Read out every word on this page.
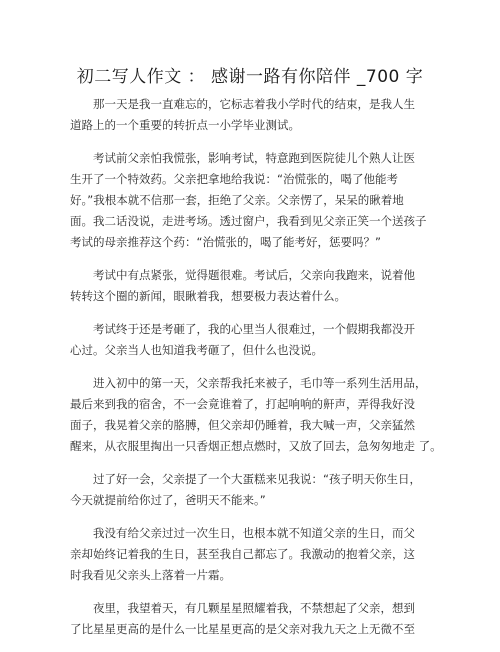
初二写人作文 ： 感谢一路有你陪伴 _700 字

那一天是我一直难忘的，它标志着我小学时代的结束，是我人生
道路上的一个重要的转折点一小学毕业测试。

考试前父亲怕我慌张，影响考试，特意跑到医院徒儿个熟人让医
生开了一个特效药。父亲把拿地给我说：“治慌张的，喝了他能考
好。”我根本就不信那一套，拒绝了父亲。父亲愣了，呆呆的瞅着地
面。我二话没说，走进考场。透过窗户，我看到见父亲正笑一个送孩子
考试的母亲推荐这个药：“治慌张的，喝了能考好，惩要吗？”

考试中有点紧张，觉得题很难。考试后，父亲向我跑来，说着他
转转这个圈的新闻，眼瞅着我，想要极力表达着什么。

考试终于还是考砸了，我的心里当人很难过，一个假期我都没开
心过。父亲当人也知道我考砸了，但什么也没说。

进入初中的第一天，父亲帮我托来被子，毛巾等一系列生活用品，
最后来到我的宿舍，不一会竟谁着了，打起响响的鼾声，弄得我好没
面子，我晃着父亲的胳膊，但父亲却仍睡着，我大喊一声，父亲猛然
醒来，从衣服里掏出一只香烟正想点燃时，又放了回去，急匆匆地走 了。

过了好一会，父亲提了一个大蛋糕来见我说：“孩子明天你生日，
今天就提前给你过了，爸明天不能来。”

我没有给父亲过过一次生日，也根本就不知道父亲的生日，而父
亲却始终记着我的生日，甚至我自己都忘了。我激动的抱着父亲，这
时我看见父亲头上落着一片霜。

夜里，我望着天，有几颗星星照耀着我，不禁想起了父亲，想到
了比星星更高的是什么一比星星更高的是父亲对我九天之上无微不至
